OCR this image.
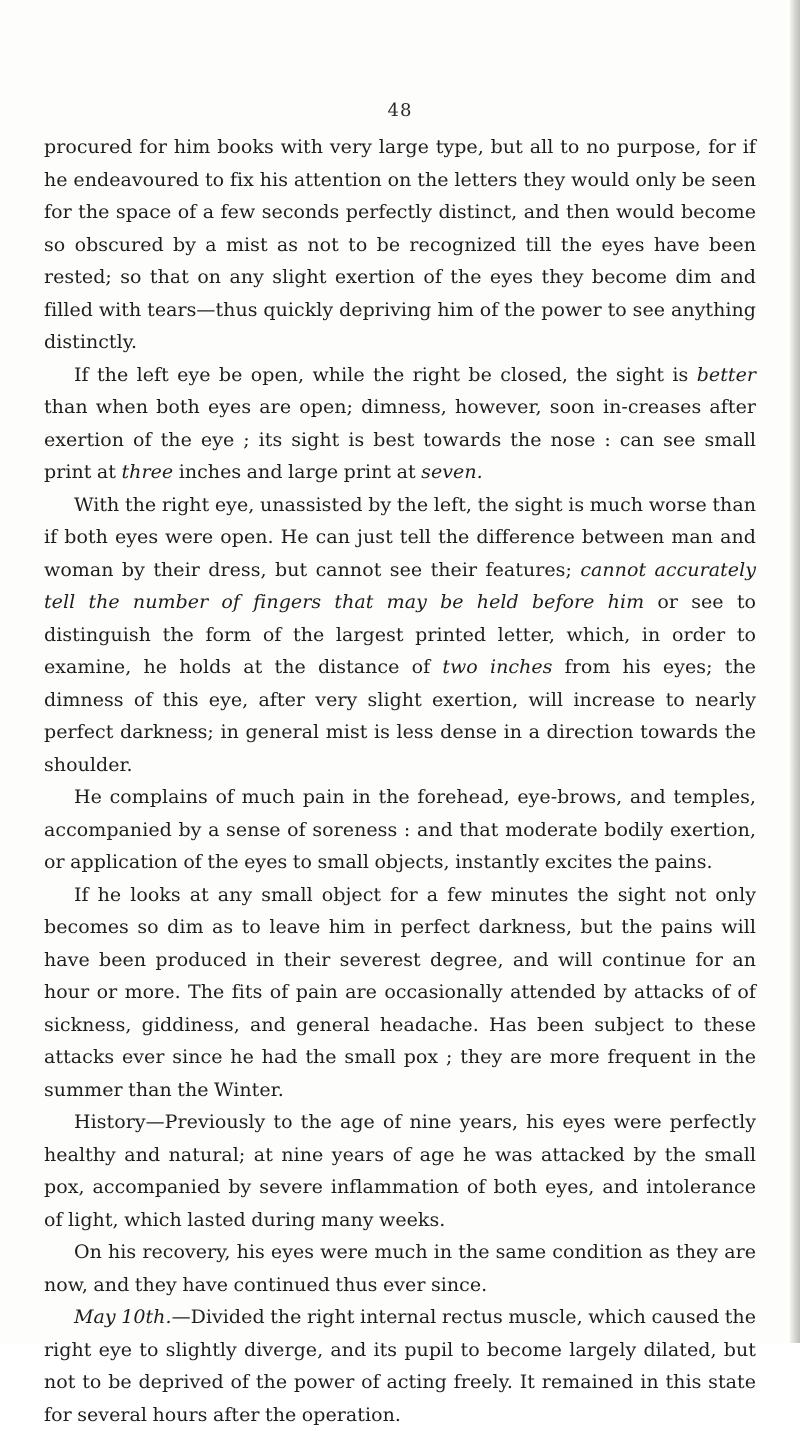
48

procured for him books with very large type, but all to no purpose, for if he endeavoured to fix his attention on the letters they would only be seen for the space of a few seconds perfectly distinct, and then would become so obscured by a mist as not to be recognized till the eyes have been rested; so that on any slight exertion of the eyes they become dim and filled with tears—thus quickly depriving him of the power to see anything distinctly.

If the left eye be open, while the right be closed, the sight is better than when both eyes are open; dimness, however, soon in-creases after exertion of the eye ; its sight is best towards the nose : can see small print at three inches and large print at seven.

With the right eye, unassisted by the left, the sight is much worse than if both eyes were open. He can just tell the difference between man and woman by their dress, but cannot see their features; cannot accurately tell the number of fingers that may be held before him or see to distinguish the form of the largest printed letter, which, in order to examine, he holds at the distance of two inches from his eyes; the dimness of this eye, after very slight exertion, will increase to nearly perfect darkness; in general mist is less dense in a direction towards the shoulder.

He complains of much pain in the forehead, eye-brows, and temples, accompanied by a sense of soreness : and that moderate bodily exertion, or application of the eyes to small objects, instantly excites the pains.

If he looks at any small object for a few minutes the sight not only becomes so dim as to leave him in perfect darkness, but the pains will have been produced in their severest degree, and will continue for an hour or more. The fits of pain are occasionally attended by attacks of of sickness, giddiness, and general headache. Has been subject to these attacks ever since he had the small pox ; they are more frequent in the summer than the Winter.

History—Previously to the age of nine years, his eyes were perfectly healthy and natural; at nine years of age he was attacked by the small pox, accompanied by severe inflammation of both eyes, and intolerance of light, which lasted during many weeks.

On his recovery, his eyes were much in the same condition as they are now, and they have continued thus ever since.

May 10th.—Divided the right internal rectus muscle, which caused the right eye to slightly diverge, and its pupil to become largely dilated, but not to be deprived of the power of acting freely. It remained in this state for several hours after the operation.
